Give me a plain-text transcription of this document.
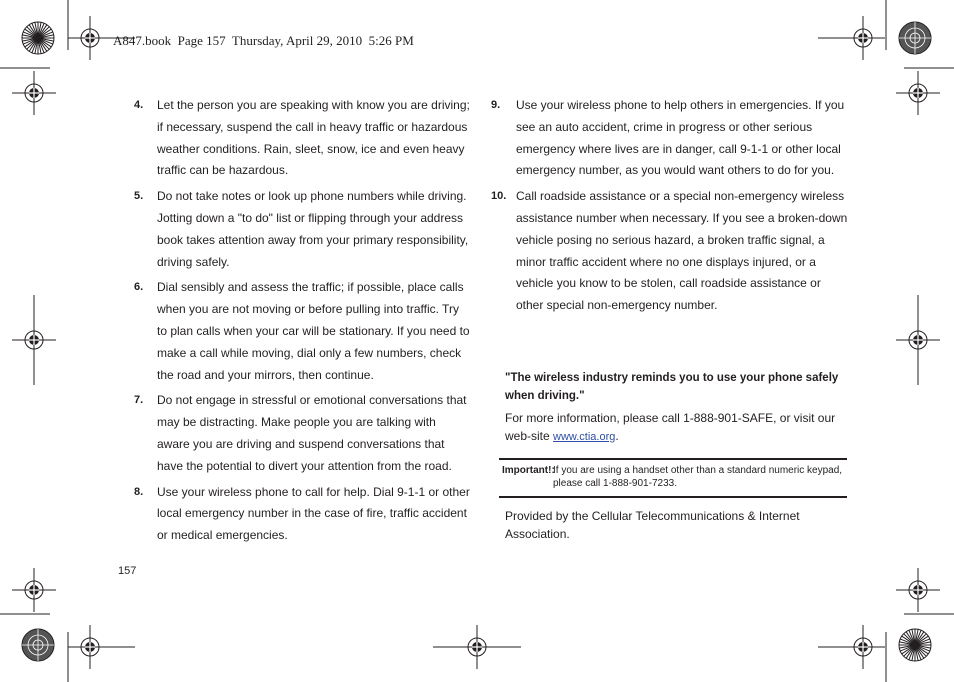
A847.book  Page 157  Thursday, April 29, 2010  5:26 PM
4. Let the person you are speaking with know you are driving; if necessary, suspend the call in heavy traffic or hazardous weather conditions. Rain, sleet, snow, ice and even heavy traffic can be hazardous.
5. Do not take notes or look up phone numbers while driving. Jotting down a "to do" list or flipping through your address book takes attention away from your primary responsibility, driving safely.
6. Dial sensibly and assess the traffic; if possible, place calls when you are not moving or before pulling into traffic. Try to plan calls when your car will be stationary. If you need to make a call while moving, dial only a few numbers, check the road and your mirrors, then continue.
7. Do not engage in stressful or emotional conversations that may be distracting. Make people you are talking with aware you are driving and suspend conversations that have the potential to divert your attention from the road.
8. Use your wireless phone to call for help. Dial 9-1-1 or other local emergency number in the case of fire, traffic accident or medical emergencies.
9. Use your wireless phone to help others in emergencies. If you see an auto accident, crime in progress or other serious emergency where lives are in danger, call 9-1-1 or other local emergency number, as you would want others to do for you.
10. Call roadside assistance or a special non-emergency wireless assistance number when necessary. If you see a broken-down vehicle posing no serious hazard, a broken traffic signal, a minor traffic accident where no one displays injured, or a vehicle you know to be stolen, call roadside assistance or other special non-emergency number.
"The wireless industry reminds you to use your phone safely when driving."
For more information, please call 1-888-901-SAFE, or visit our web-site www.ctia.org.
Important!:
If you are using a handset other than a standard numeric keypad, please call 1-888-901-7233.
Provided by the Cellular Telecommunications & Internet Association.
157
